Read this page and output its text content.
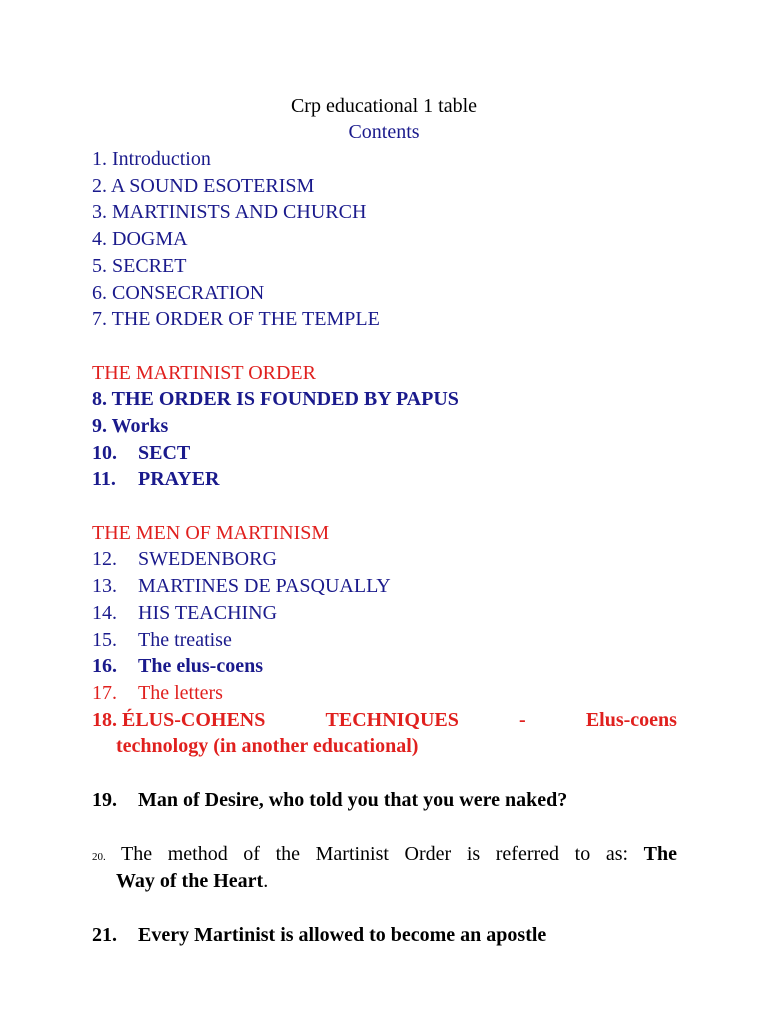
Crp educational 1 table
Contents
1. Introduction
2. A SOUND ESOTERISM
3. MARTINISTS AND CHURCH
4. DOGMA
5. SECRET
6. CONSECRATION
7. THE ORDER OF THE TEMPLE
THE MARTINIST ORDER
8. THE ORDER IS FOUNDED BY PAPUS
9. Works
10. SECT
11. PRAYER
THE MEN OF MARTINISM
12. SWEDENBORG
13. MARTINES DE PASQUALLY
14. HIS TEACHING
15. The treatise
16. The elus-coens
17. The letters
18. ÉLUS-COHENS	TECHNIQUES	-	Elus-coens
technology (in another educational)
19. Man of Desire, who told you that you were naked?
20. The method of the Martinist Order is referred to as: The
Way of the Heart.
21. Every Martinist is allowed to become an apostle
